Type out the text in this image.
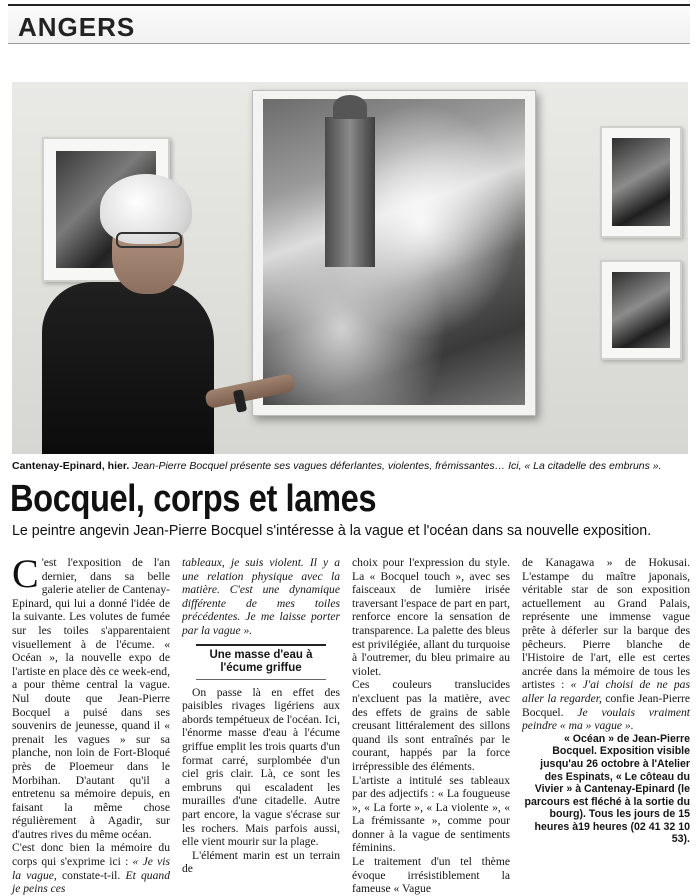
ANGERS
Cantenay-Epinard, hier. Jean-Pierre Bocquel présente ses vagues déferlantes, violentes, frémissantes… Ici, « La citadelle des embruns ».
Bocquel, corps et lames
Le peintre angevin Jean-Pierre Bocquel s'intéresse à la vague et l'océan dans sa nouvelle exposition.

C 'est l'exposition de l'an dernier, dans sa belle galerie atelier de Cantenay-Epinard, qui lui a donné l'idée de la suivante. Les volutes de fumée sur les toiles s'apparentaient visuellement à de l'écume. « Océan », la nouvelle expo de l'artiste en place dès ce week-end, a pour thème central la vague. Nul doute que Jean-Pierre Bocquel a puisé dans ses souvenirs de jeunesse, quand il « prenait les vagues » sur sa planche, non loin de Fort-Bloqué près de Ploemeur dans le Morbihan. D'autant qu'il a entretenu sa mémoire depuis, en faisant la même chose régulièrement à Agadir, sur d'autres rives du même océan.

C'est donc bien la mémoire du corps qui s'exprime ici : « Je vis la vague, constate-t-il. Et quand je peins ces

tableaux, je suis violent. Il y a une relation physique avec la matière. C'est une dynamique différente de mes toiles précédentes. Je me laisse porter par la vague ».

Une masse d'eau à l'écume griffue

On passe là en effet des paisibles rivages ligériens aux abords tempétueux de l'océan. Ici, l'énorme masse d'eau à l'écume griffue emplit les trois quarts d'un format carré, surplombée d'un ciel gris clair. Là, ce sont les embruns qui escaladent les murailles d'une citadelle. Autre part encore, la vague s'écrase sur les rochers. Mais parfois aussi, elle vient mourir sur la plage.

L'élément marin est un terrain de

choix pour l'expression du style. La « Bocquel touch », avec ses faisceaux de lumière irisée traversant l'espace de part en part, renforce encore la sensation de transparence. La palette des bleus est privilégiée, allant du turquoise à l'outremer, du bleu primaire au violet.

Ces couleurs translucides n'excluent pas la matière, avec des effets de grains de sable creusant littéralement des sillons quand ils sont entraînés par le courant, happés par la force irrépressible des éléments.

L'artiste a intitulé ses tableaux par des adjectifs : « La fougueuse », « La forte », « La violente », « La frémissante », comme pour donner à la vague de sentiments féminins.

Le traitement d'un tel thème évoque irrésistiblement la fameuse « Vague

de Kanagawa » de Hokusai. L'estampe du maître japonais, véritable star de son exposition actuellement au Grand Palais, représente une immense vague prête à déferler sur la barque des pêcheurs. Pierre blanche de l'Histoire de l'art, elle est certes ancrée dans la mémoire de tous les artistes : « J'ai choisi de ne pas aller la regarder, confie Jean-Pierre Bocquel. Je voulais vraiment peindre « ma » vague ».

« Océan » de Jean-Pierre Bocquel. Exposition visible jusqu'au 26 octobre à l'Atelier des Espinats, « Le côteau du Vivier » à Cantenay-Epinard (le parcours est fléché à la sortie du bourg). Tous les jours de 15 heures à19 heures (02 41 32 10 53).
